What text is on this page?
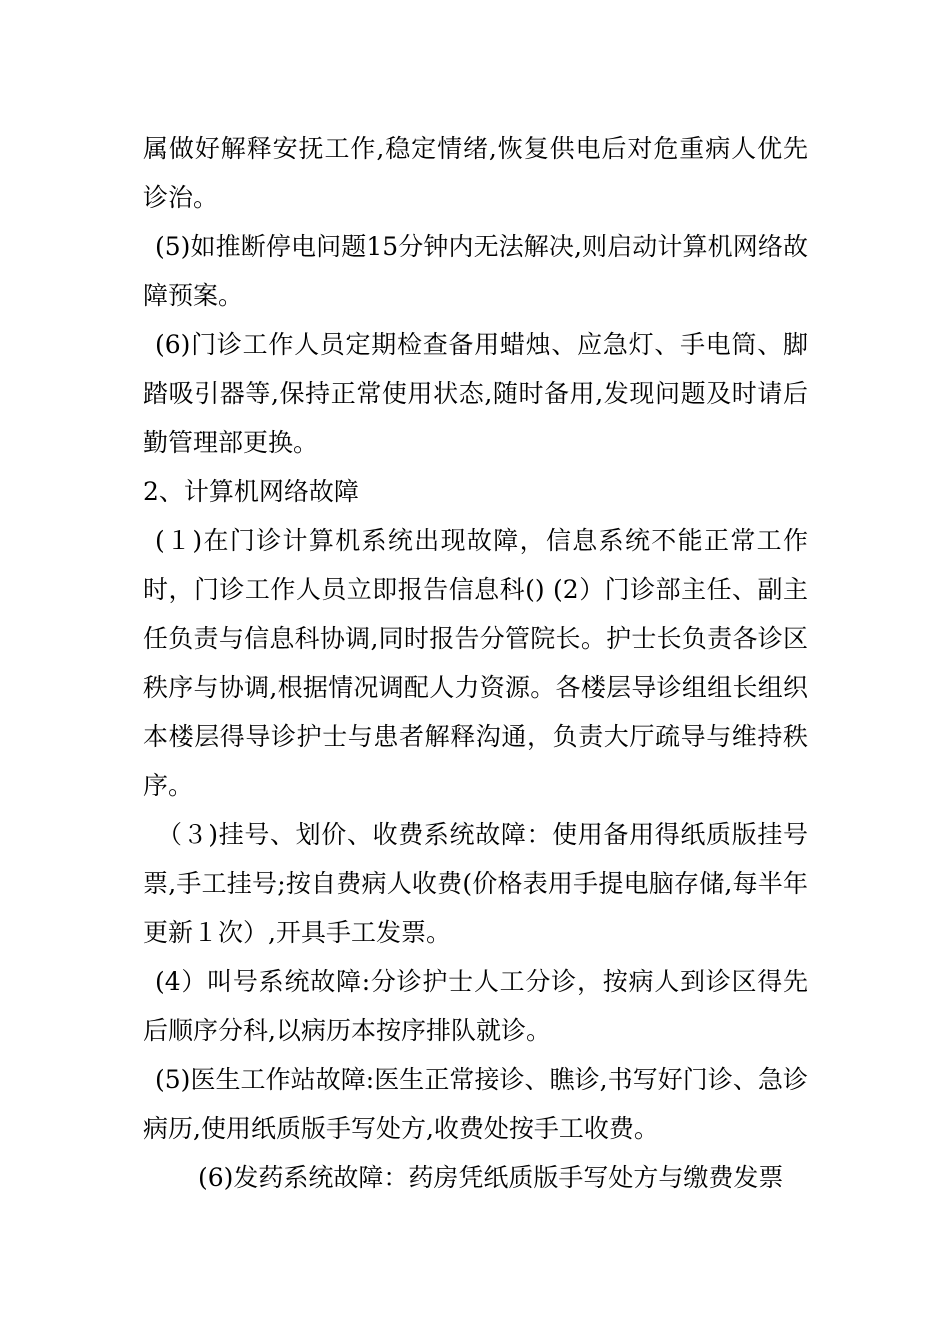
属做好解释安抚工作,稳定情绪,恢复供电后对危重病人优先诊治。

(5)如推断停电问题15分钟内无法解决,则启动计算机网络故障预案。

(6)门诊工作人员定期检查备用蜡烛、应急灯、手电筒、脚踏吸引器等,保持正常使用状态,随时备用,发现问题及时请后勤管理部更换。

2、计算机网络故障

(１)在门诊计算机系统出现故障，信息系统不能正常工作时，门诊工作人员立即报告信息科() (2）门诊部主任、副主任负责与信息科协调,同时报告分管院长。护士长负责各诊区秩序与协调,根据情况调配人力资源。各楼层导诊组组长组织本楼层得导诊护士与患者解释沟通，负责大厅疏导与维持秩序。

（３)挂号、划价、收费系统故障：使用备用得纸质版挂号票,手工挂号;按自费病人收费(价格表用手提电脑存储,每半年更新１次）,开具手工发票。

(4）叫号系统故障:分诊护士人工分诊，按病人到诊区得先后顺序分科,以病历本按序排队就诊。

(5)医生工作站故障:医生正常接诊、瞧诊,书写好门诊、急诊病历,使用纸质版手写处方,收费处按手工收费。

(6)发药系统故障：药房凭纸质版手写处方与缴费发票
